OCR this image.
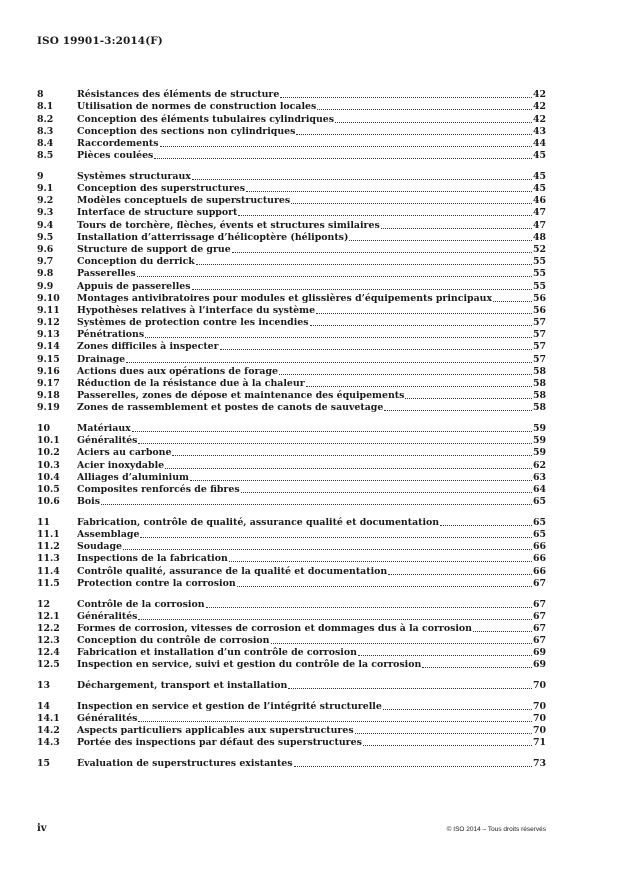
ISO 19901-3:2014(F)
8	Résistances des éléments de structure	42
8.1	Utilisation de normes de construction locales	42
8.2	Conception des éléments tubulaires cylindriques	42
8.3	Conception des sections non cylindriques	43
8.4	Raccordements	44
8.5	Pièces coulées	45
9	Systèmes structuraux	45
9.1	Conception des superstructures	45
9.2	Modèles conceptuels de superstructures	46
9.3	Interface de structure support	47
9.4	Tours de torchère, flèches, évents et structures similaires	47
9.5	Installation d’atterrissage d’hélicoptère (héliponts)	48
9.6	Structure de support de grue	52
9.7	Conception du derrick	55
9.8	Passerelles	55
9.9	Appuis de passerelles	55
9.10	Montages antivibratoires pour modules et glissières d’équipements principaux	56
9.11	Hypothèses relatives à l’interface du système	56
9.12	Systèmes de protection contre les incendies	57
9.13	Pénétrations	57
9.14	Zones difficiles à inspecter	57
9.15	Drainage	57
9.16	Actions dues aux opérations de forage	58
9.17	Réduction de la résistance due à la chaleur	58
9.18	Passerelles, zones de dépose et maintenance des équipements	58
9.19	Zones de rassemblement et postes de canots de sauvetage	58
10	Matériaux	59
10.1	Généralités	59
10.2	Aciers au carbone	59
10.3	Acier inoxydable	62
10.4	Alliages d’aluminium	63
10.5	Composites renforcés de fibres	64
10.6	Bois	65
11	Fabrication, contrôle de qualité, assurance qualité et documentation	65
11.1	Assemblage	65
11.2	Soudage	66
11.3	Inspections de la fabrication	66
11.4	Contrôle qualité, assurance de la qualité et documentation	66
11.5	Protection contre la corrosion	67
12	Contrôle de la corrosion	67
12.1	Généralités	67
12.2	Formes de corrosion, vitesses de corrosion et dommages dus à la corrosion	67
12.3	Conception du contrôle de corrosion	67
12.4	Fabrication et installation d’un contrôle de corrosion	69
12.5	Inspection en service, suivi et gestion du contrôle de la corrosion	69
13	Déchargement, transport et installation	70
14	Inspection en service et gestion de l’intégrité structurelle	70
14.1	Généralités	70
14.2	Aspects particuliers applicables aux superstructures	70
14.3	Portée des inspections par défaut des superstructures	71
15	Évaluation de superstructures existantes	73
iv	© ISO 2014 – Tous droits réservés
